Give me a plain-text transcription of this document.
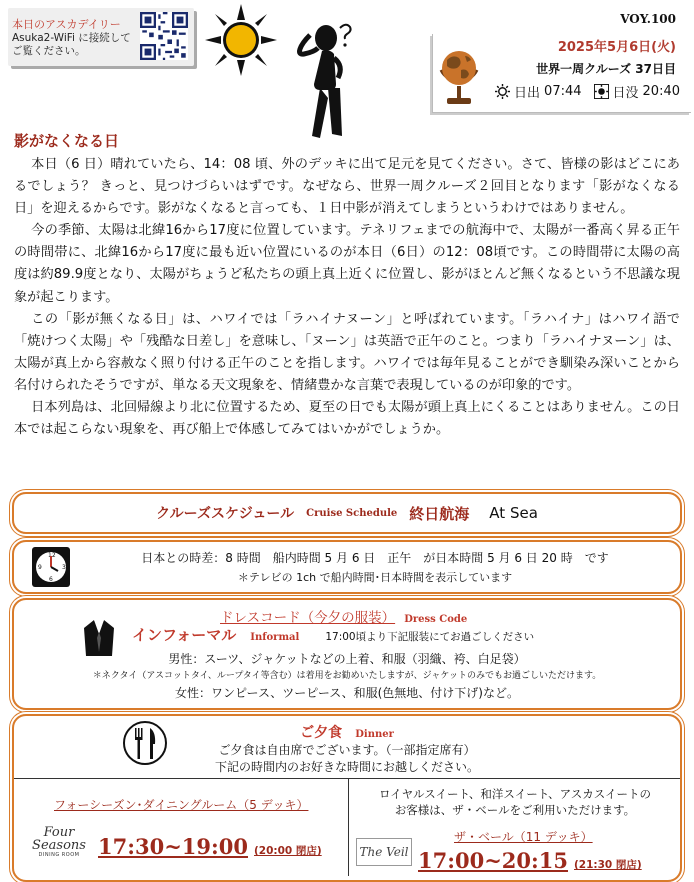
本日のアスカデイリー
Asuka2-WiFi に接続して ご覧ください。
VOY.100
2025年5月6日(火)
世界一周クルーズ 37日目
日出 07:44 日没 20:40
影がなくなる日

本日（6 日）晴れていたら、14：08 頃、外のデッキに出て足元を見てください。さて、皆様の影はどこにあるでしょう？ きっと、見つけづらいはずです。なぜなら、世界一周クルーズ２回目となります「影がなくなる日」を迎えるからです。影がなくなると言っても、１日中影が消えてしまうというわけではありません。

今の季節、太陽は北緯16から17度に位置しています。テネリフェまでの航海中で、太陽が一番高く昇る正午の時間帯に、北緯16から17度に最も近い位置にいるのが本日（6日）の12：08頃です。この時間帯に太陽の高度は約89.9度となり、太陽がちょうど私たちの頭上真上近くに位置し、影がほとんど無くなるという不思議な現象が起こります。

この「影が無くなる日」は、ハワイでは「ラハイナヌーン」と呼ばれています。「ラハイナ」はハワイ語で「焼けつく太陽」や「残酷な日差し」を意味し、「ヌーン」は英語で正午のこと。つまり「ラハイナヌーン」は、太陽が真上から容赦なく照り付ける正午のことを指します。ハワイでは毎年見ることができ馴染み深いことから名付けられたそうですが、単なる天文現象を、情緒豊かな言葉で表現しているのが印象的です。

日本列島は、北回帰線より北に位置するため、夏至の日でも太陽が頭上真上にくることはありません。この日本では起こらない現象を、再び船上で体感してみてはいかがでしょうか。

クルーズスケジュール Cruise Schedule 終日航海 At Sea
12
3
6
9
日本との時差：8 時間　船内時間 5 月 6 日　正午　が日本時間 5 月 6 日 20 時　です
＊テレビの 1ch で船内時間･日本時間を表示しています
ドレスコード（今夕の服装） Dress Code
インフォーマル Informal 17:00頃より下記服装にてお過ごしください
男性：スーツ、ジャケットなどの上着、和服（羽織、袴、白足袋）
＊ネクタイ（アスコットタイ、ループタイ等含む）は着用をお勧めいたしますが、ジャケットのみでもお過ごしいただけます。
女性：ワンピース、ツーピース、和服(色無地、付け下げ)など。
ご夕食 Dinner
ご夕食は自由席でございます。（一部指定席有）
下記の時間内のお好きな時間にお越しください。
フォーシーズン･ダイニングルーム（5 デッキ）
Four Seasons
DINING ROOM 17:30~19:00 (20:00 閉店)
ロイヤルスイート、和洋スイート、アスカスイートの
お客様は、ザ・ベールをご利用いただけます。
The Veil
ザ・ベール（11 デッキ）
17:00~20:15 (21:30 閉店)
